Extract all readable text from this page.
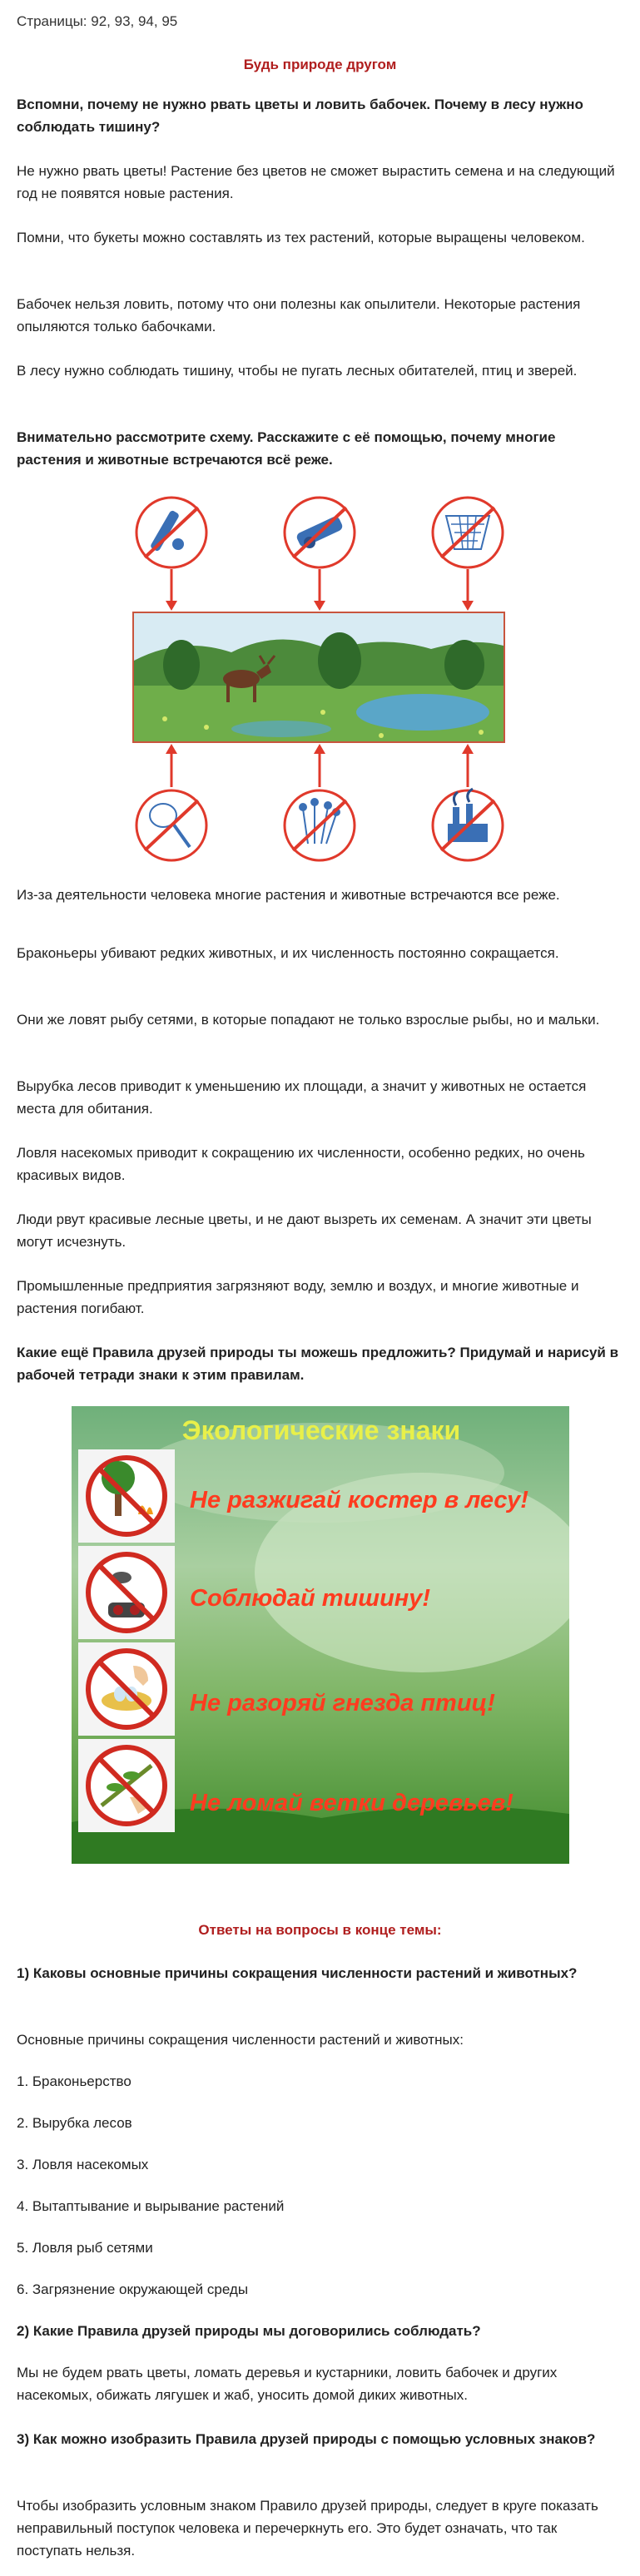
Страницы: 92, 93, 94, 95
Будь природе другом

Вспомни, почему не нужно рвать цветы и ловить бабочек. Почему в лесу нужно соблюдать тишину?

Не нужно рвать цветы! Растение без цветов не сможет вырастить семена и на следующий год не появятся новые растения.

Помни, что букеты можно составлять из тех растений, которые выращены человеком.

Бабочек нельзя ловить, потому что они полезны как опылители. Некоторые растения опыляются только бабочками.

В лесу нужно соблюдать тишину, чтобы не пугать лесных обитателей, птиц и зверей.

Внимательно рассмотрите схему. Расскажите с её помощью, почему многие растения и животные встречаются всё реже.

Из-за деятельности человека многие растения и животные встречаются все реже.

Браконьеры убивают редких животных, и их численность постоянно сокращается.

Они же ловят рыбу сетями, в которые попадают не только взрослые рыбы, но и мальки.

Вырубка лесов приводит к уменьшению их площади, а значит у животных не остается места для обитания.

Ловля насекомых приводит к сокращению их численности, особенно редких, но очень красивых видов.

Люди рвут красивые лесные цветы, и не дают вызреть их семенам. А значит эти цветы могут исчезнуть.

Промышленные предприятия загрязняют воду, землю и воздух, и многие животные и растения погибают.

Какие ещё Правила друзей природы ты можешь предложить? Придумай и нарисуй в рабочей тетради знаки к этим правилам.

Экологические знаки
Не разжигай костер в лесу!
Соблюдай тишину!
Не разоряй гнезда птиц!
Не ломай ветки деревьев!
Ответы на вопросы в конце темы:

1) Каковы основные причины сокращения численности растений и животных?

Основные причины сокращения численности растений и животных:

1. Браконьерство

2. Вырубка лесов

3. Ловля насекомых

4. Вытаптывание и вырывание растений

5. Ловля рыб сетями

6. Загрязнение окружающей среды

2) Какие Правила друзей природы мы договорились соблюдать?

Мы не будем рвать цветы, ломать деревья и кустарники, ловить бабочек и других насекомых, обижать лягушек и жаб, уносить домой диких животных.

3) Как можно изобразить Правила друзей природы с помощью условных знаков?

Чтобы изобразить условным знаком Правило друзей природы, следует в круге показать неправильный поступок человека и перечеркнуть его. Это будет означать, что так поступать нельзя.
